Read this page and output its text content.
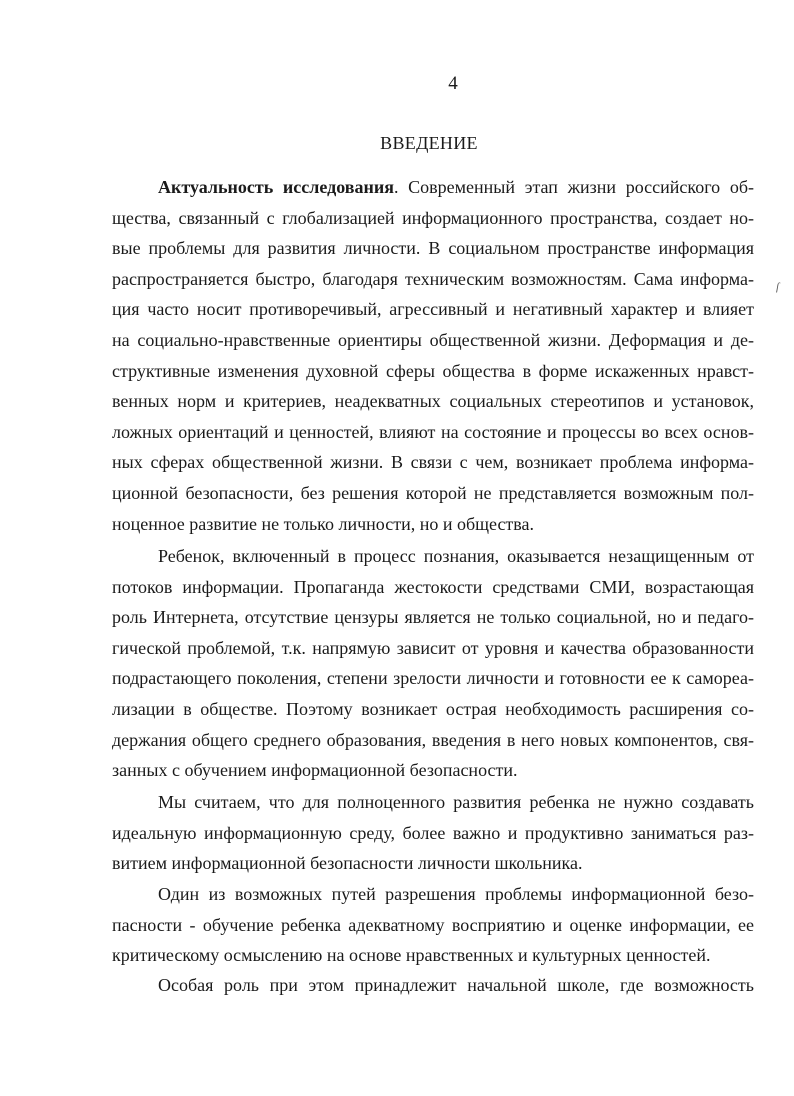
4
ВВЕДЕНИЕ
ſ
Актуальность исследования. Современный этап жизни российского об-
щества, связанный с глобализацией информационного пространства, создает но-
вые проблемы для развития личности. В социальном пространстве информация
распространяется быстро, благодаря техническим возможностям. Сама информа-
ция часто носит противоречивый, агрессивный и негативный характер и влияет
на социально-нравственные ориентиры общественной жизни. Деформация и де-
структивные изменения духовной сферы общества в форме искаженных нравст-
венных норм и критериев, неадекватных социальных стереотипов и установок,
ложных ориентаций и ценностей, влияют на состояние и процессы во всех основ-
ных сферах общественной жизни. В связи с чем, возникает проблема информа-
ционной безопасности, без решения которой не представляется возможным пол-
ноценное развитие не только личности, но и общества.
Ребенок, включенный в процесс познания, оказывается незащищенным от
потоков информации. Пропаганда жестокости средствами СМИ, возрастающая
роль Интернета, отсутствие цензуры является не только социальной, но и педаго-
гической проблемой, т.к. напрямую зависит от уровня и качества образованности
подрастающего поколения, степени зрелости личности и готовности ее к самореа-
лизации в обществе. Поэтому возникает острая необходимость расширения со-
держания общего среднего образования, введения в него новых компонентов, свя-
занных с обучением информационной безопасности.
Мы считаем, что для полноценного развития ребенка не нужно создавать
идеальную информационную среду, более важно и продуктивно заниматься раз-
витием информационной безопасности личности школьника.
Один из возможных путей разрешения проблемы информационной безо-
пасности - обучение ребенка адекватному восприятию и оценке информации, ее
критическому осмыслению на основе нравственных и культурных ценностей.
Особая роль при этом принадлежит начальной школе, где возможность
